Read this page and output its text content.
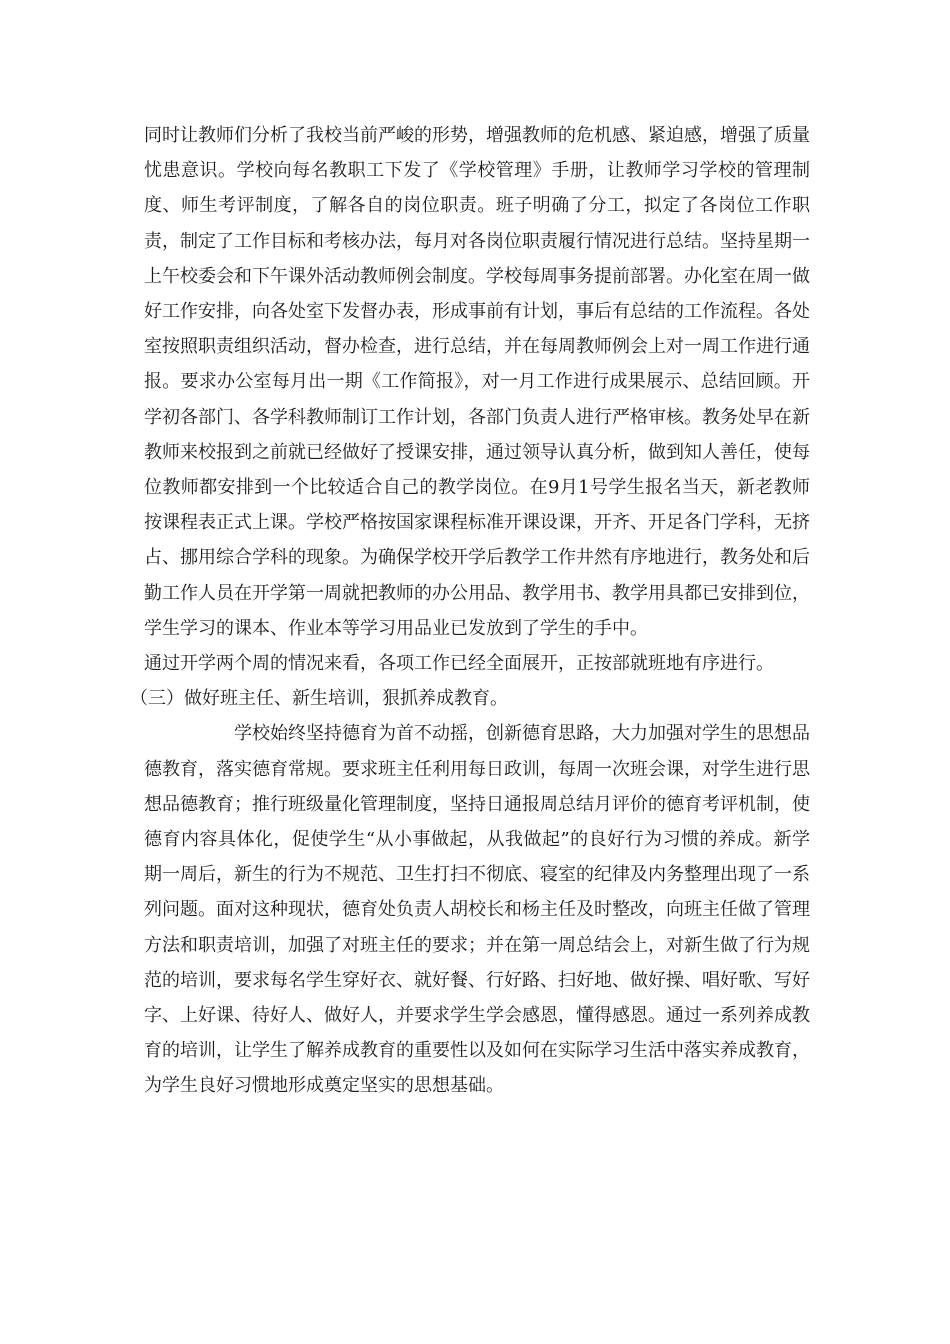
同时让教师们分析了我校当前严峻的形势，增强教师的危机感、紧迫感，增强了质量忧患意识。学校向每名教职工下发了《学校管理》手册，让教师学习学校的管理制度、师生考评制度，了解各自的岗位职责。班子明确了分工，拟定了各岗位工作职责，制定了工作目标和考核办法，每月对各岗位职责履行情况进行总结。坚持星期一上午校委会和下午课外活动教师例会制度。学校每周事务提前部署。办化室在周一做好工作安排，向各处室下发督办表，形成事前有计划，事后有总结的工作流程。各处室按照职责组织活动，督办检查，进行总结，并在每周教师例会上对一周工作进行通报。要求办公室每月出一期《工作简报》，对一月工作进行成果展示、总结回顾。开学初各部门、各学科教师制订工作计划，各部门负责人进行严格审核。教务处早在新教师来校报到之前就已经做好了授课安排，通过领导认真分析，做到知人善任，使每位教师都安排到一个比较适合自己的教学岗位。在9月1号学生报名当天，新老教师按课程表正式上课。学校严格按国家课程标准开课设课，开齐、开足各门学科，无挤占、挪用综合学科的现象。为确保学校开学后教学工作井然有序地进行，教务处和后勤工作人员在开学第一周就把教师的办公用品、教学用书、教学用具都已安排到位，学生学习的课本、作业本等学习用品业已发放到了学生的手中。

通过开学两个周的情况来看，各项工作已经全面展开，正按部就班地有序进行。

（三）做好班主任、新生培训，狠抓养成教育。

学校始终坚持德育为首不动摇，创新德育思路，大力加强对学生的思想品德教育，落实德育常规。要求班主任利用每日政训，每周一次班会课，对学生进行思想品德教育；推行班级量化管理制度，坚持日通报周总结月评价的德育考评机制，使德育内容具体化，促使学生“从小事做起，从我做起”的良好行为习惯的养成。新学期一周后，新生的行为不规范、卫生打扫不彻底、寝室的纪律及内务整理出现了一系列问题。面对这种现状，德育处负责人胡校长和杨主任及时整改，向班主任做了管理方法和职责培训，加强了对班主任的要求；并在第一周总结会上，对新生做了行为规范的培训，要求每名学生穿好衣、就好餐、行好路、扫好地、做好操、唱好歌、写好字、上好课、待好人、做好人，并要求学生学会感恩，懂得感恩。通过一系列养成教育的培训，让学生了解养成教育的重要性以及如何在实际学习生活中落实养成教育，为学生良好习惯地形成奠定坚实的思想基础。
